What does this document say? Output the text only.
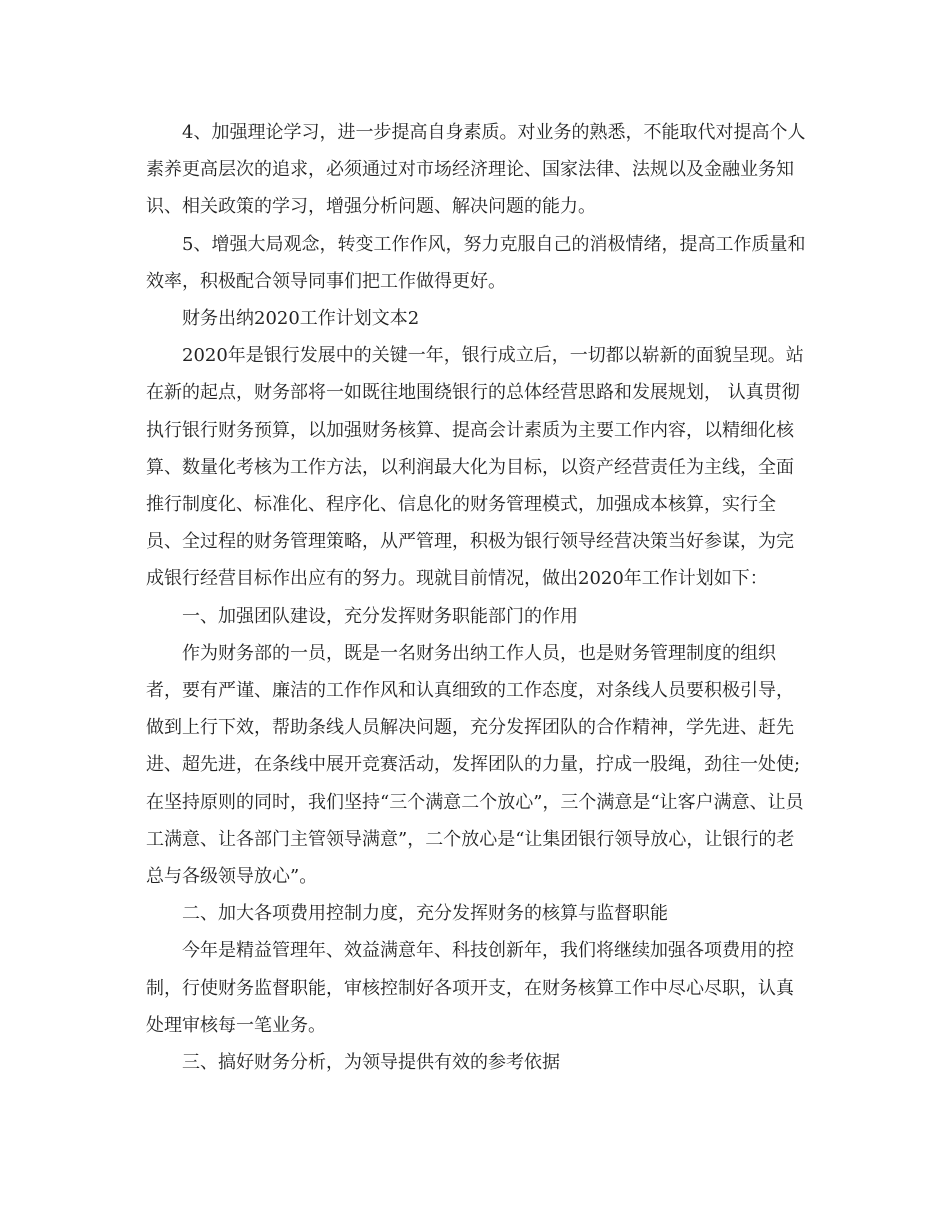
4、加强理论学习，进一步提高自身素质。对业务的熟悉，不能取代对提高个人素养更高层次的追求，必须通过对市场经济理论、国家法律、法规以及金融业务知识、相关政策的学习，增强分析问题、解决问题的能力。

5、增强大局观念，转变工作作风，努力克服自己的消极情绪，提高工作质量和效率，积极配合领导同事们把工作做得更好。

财务出纳2020工作计划文本2

2020年是银行发展中的关键一年，银行成立后，一切都以崭新的面貌呈现。站在新的起点，财务部将一如既往地围绕银行的总体经营思路和发展规划， 认真贯彻执行银行财务预算，以加强财务核算、提高会计素质为主要工作内容，以精细化核算、数量化考核为工作方法，以利润最大化为目标，以资产经营责任为主线，全面推行制度化、标准化、程序化、信息化的财务管理模式，加强成本核算，实行全员、全过程的财务管理策略，从严管理，积极为银行领导经营决策当好参谋，为完成银行经营目标作出应有的努力。现就目前情况，做出2020年工作计划如下：

一、加强团队建设，充分发挥财务职能部门的作用

作为财务部的一员，既是一名财务出纳工作人员，也是财务管理制度的组织者，要有严谨、廉洁的工作作风和认真细致的工作态度，对条线人员要积极引导，做到上行下效，帮助条线人员解决问题，充分发挥团队的合作精神，学先进、赶先进、超先进，在条线中展开竞赛活动，发挥团队的力量，拧成一股绳，劲往一处使;在坚持原则的同时，我们坚持“三个满意二个放心”，三个满意是“让客户满意、让员工满意、让各部门主管领导满意”，二个放心是“让集团银行领导放心，让银行的老总与各级领导放心”。

二、加大各项费用控制力度，充分发挥财务的核算与监督职能

今年是精益管理年、效益满意年、科技创新年，我们将继续加强各项费用的控制，行使财务监督职能，审核控制好各项开支，在财务核算工作中尽心尽职，认真处理审核每一笔业务。

三、搞好财务分析，为领导提供有效的参考依据
